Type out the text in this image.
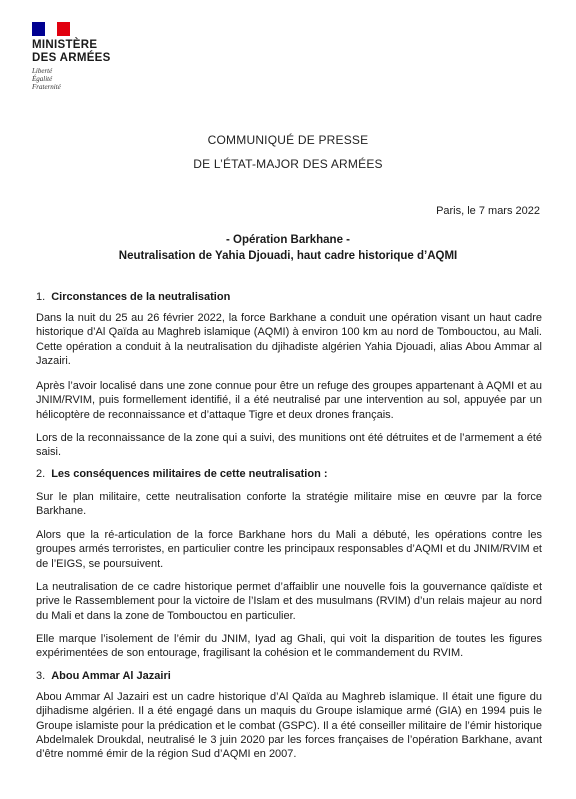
MINISTÈRE
DES ARMÉES
Liberté
Égalité
Fraternité
COMMUNIQUÉ DE PRESSE
DE L’ÉTAT-MAJOR DES ARMÉES
Paris, le 7 mars 2022
- Opération Barkhane -
Neutralisation de Yahia Djouadi, haut cadre historique d’AQMI
1. Circonstances de la neutralisation
Dans la nuit du 25 au 26 février 2022, la force Barkhane a conduit une opération visant un haut cadre historique d’Al Qaïda au Maghreb islamique (AQMI) à environ 100 km au nord de Tombouctou, au Mali. Cette opération a conduit à la neutralisation du djihadiste algérien Yahia Djouadi, alias Abou Ammar al Jazairi.
Après l’avoir localisé dans une zone connue pour être un refuge des groupes appartenant à AQMI et au JNIM/RVIM, puis formellement identifié, il a été neutralisé par une intervention au sol, appuyée par un hélicoptère de reconnaissance et d’attaque Tigre et deux drones français.
Lors de la reconnaissance de la zone qui a suivi, des munitions ont été détruites et de l’armement a été saisi.
2. Les conséquences militaires de cette neutralisation :
Sur le plan militaire, cette neutralisation conforte la stratégie militaire mise en œuvre par la force Barkhane.
Alors que la ré-articulation de la force Barkhane hors du Mali a débuté, les opérations contre les groupes armés terroristes, en particulier contre les principaux responsables d’AQMI et du JNIM/RVIM et de l’EIGS, se poursuivent.
La neutralisation de ce cadre historique permet d’affaiblir une nouvelle fois la gouvernance qaïdiste et prive le Rassemblement pour la victoire de l’Islam et des musulmans (RVIM) d’un relais majeur au nord du Mali et dans la zone de Tombouctou en particulier.
Elle marque l’isolement de l’émir du JNIM, Iyad ag Ghali, qui voit la disparition de toutes les figures expérimentées de son entourage, fragilisant la cohésion et le commandement du RVIM.
3. Abou Ammar Al Jazairi
Abou Ammar Al Jazairi est un cadre historique d’Al Qaïda au Maghreb islamique. Il était une figure du djihadisme algérien. Il a été engagé dans un maquis du Groupe islamique armé (GIA) en 1994 puis le Groupe islamiste pour la prédication et le combat (GSPC). Il a été conseiller militaire de l’émir historique Abdelmalek Droukdal, neutralisé le 3 juin 2020 par les forces françaises de l’opération Barkhane, avant d’être nommé émir de la région Sud d’AQMI en 2007.
